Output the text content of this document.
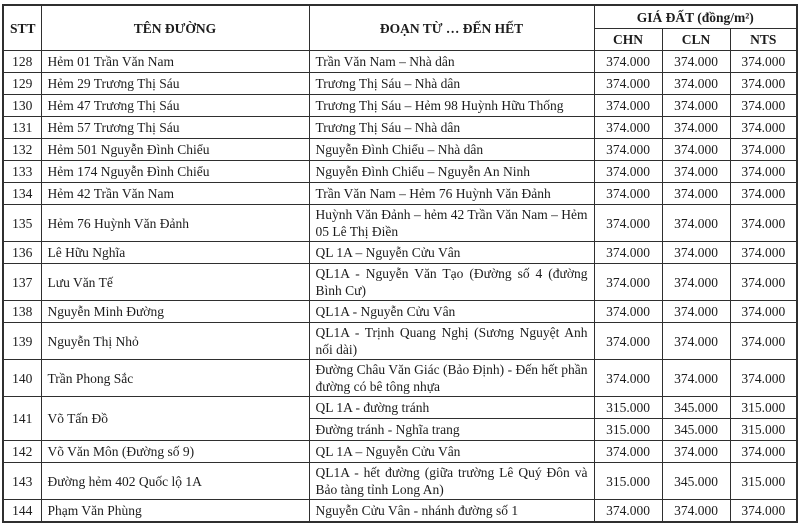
STT	TÊN ĐƯỜNG	ĐOẠN TỪ … ĐẾN HẾT	GIÁ ĐẤT (đồng/m²)		
			CHN	CLN	NTS
128	Hẻm 01 Trần Văn Nam	Trần Văn Nam – Nhà dân	374.000	374.000	374.000
129	Hẻm 29 Trương Thị Sáu	Trương Thị Sáu – Nhà dân	374.000	374.000	374.000
130	Hẻm 47 Trương Thị Sáu	Trương Thị Sáu – Hẻm 98 Huỳnh Hữu Thống	374.000	374.000	374.000
131	Hẻm 57 Trương Thị Sáu	Trương Thị Sáu – Nhà dân	374.000	374.000	374.000
132	Hẻm 501 Nguyễn Đình Chiểu	Nguyễn Đình Chiểu – Nhà dân	374.000	374.000	374.000
133	Hẻm 174 Nguyễn Đình Chiểu	Nguyễn Đình Chiểu – Nguyễn An Ninh	374.000	374.000	374.000
134	Hẻm 42 Trần Văn Nam	Trần Văn Nam – Hẻm 76 Huỳnh Văn Đảnh	374.000	374.000	374.000
135	Hẻm 76 Huỳnh Văn Đảnh	Huỳnh Văn Đảnh – hẻm 42 Trần Văn Nam – Hẻm 05 Lê Thị Điền	374.000	374.000	374.000
136	Lê Hữu Nghĩa	QL 1A – Nguyễn Cửu Vân	374.000	374.000	374.000
137	Lưu Văn Tế	QL1A - Nguyễn Văn Tạo (Đường số 4 (đường Bình Cư)	374.000	374.000	374.000
138	Nguyễn Minh Đường	QL1A - Nguyễn Cửu Vân	374.000	374.000	374.000
139	Nguyễn Thị Nhỏ	QL1A - Trịnh Quang Nghị (Sương Nguyệt Anh nối dài)	374.000	374.000	374.000
140	Trần Phong Sắc	Đường Châu Văn Giác (Bảo Định) - Đến hết phần đường có bê tông nhựa	374.000	374.000	374.000
141	Võ Tấn Đồ	QL 1A - đường tránh	315.000	345.000	315.000
		Đường tránh - Nghĩa trang	315.000	345.000	315.000
142	Võ Văn Môn (Đường số 9)	QL 1A – Nguyễn Cửu Vân	374.000	374.000	374.000
143	Đường hẻm 402 Quốc lộ 1A	QL1A - hết đường (giữa trường Lê Quý Đôn và Bảo tàng tỉnh Long An)	315.000	345.000	315.000
144	Phạm Văn Phùng	Nguyễn Cửu Vân - nhánh đường số 1	374.000	374.000	374.000
